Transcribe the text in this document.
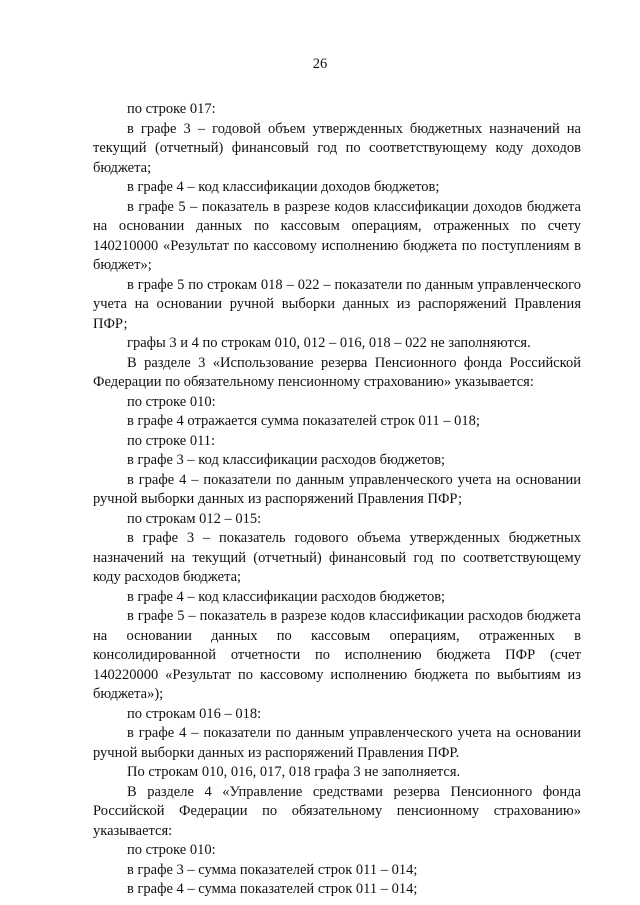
26

по строке 017:

в графе 3 – годовой объем утвержденных бюджетных назначений на текущий (отчетный) финансовый год по соответствующему коду доходов бюджета;

в графе 4 – код классификации доходов бюджетов;

в графе 5 – показатель в разрезе кодов классификации доходов бюджета на основании данных по кассовым операциям, отраженных по счету 140210000 «Результат по кассовому исполнению бюджета по поступлениям в бюджет»;

в графе 5 по строкам 018 – 022 – показатели по данным управленческого учета на основании ручной выборки данных из распоряжений Правления ПФР;

графы 3 и 4 по строкам 010, 012 – 016, 018 – 022 не заполняются.

В разделе 3 «Использование резерва Пенсионного фонда Российской Федерации по обязательному пенсионному страхованию» указывается:

по строке 010:

в графе 4 отражается сумма показателей строк 011 – 018;

по строке 011:

в графе 3 – код классификации расходов бюджетов;

в графе 4 – показатели по данным управленческого учета на основании ручной выборки данных из распоряжений Правления ПФР;

по строкам 012 – 015:

в графе 3 – показатель годового объема утвержденных бюджетных назначений на текущий (отчетный) финансовый год по соответствующему коду расходов бюджета;

в графе 4 – код классификации расходов бюджетов;

в графе 5 – показатель в разрезе кодов классификации расходов бюджета на основании данных по кассовым операциям, отраженных в консолидированной отчетности по исполнению бюджета ПФР (счет 140220000 «Результат по кассовому исполнению бюджета по выбытиям из бюджета»);

по строкам 016 – 018:

в графе 4 – показатели по данным управленческого учета на основании ручной выборки данных из распоряжений Правления ПФР.

По строкам 010, 016, 017, 018 графа 3 не заполняется.

В разделе 4 «Управление средствами резерва Пенсионного фонда Российской Федерации по обязательному пенсионному страхованию» указывается:

по строке 010:

в графе 3 – сумма показателей строк 011 – 014;

в графе 4 – сумма показателей строк 011 – 014;
